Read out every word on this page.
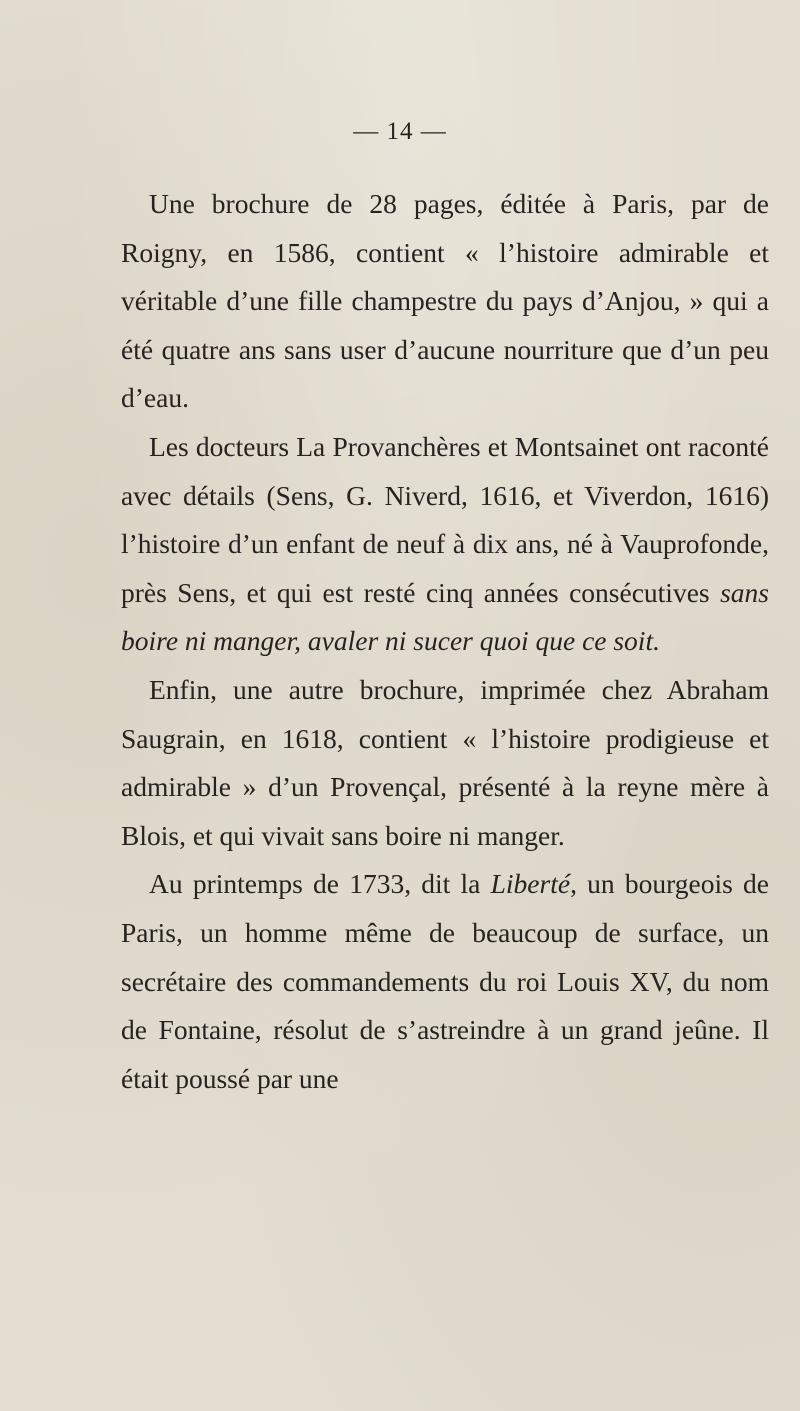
— 14 —

Une brochure de 28 pages, éditée à Paris, par de Roigny, en 1586, contient « l’histoire admirable et véritable d’une fille champestre du pays d’Anjou, » qui a été quatre ans sans user d’aucune nourriture que d’un peu d’eau.

Les docteurs La Provanchères et Montsainet ont raconté avec détails (Sens, G. Niverd, 1616, et Viverdon, 1616) l’histoire d’un enfant de neuf à dix ans, né à Vauprofonde, près Sens, et qui est resté cinq années consécutives sans boire ni manger, avaler ni sucer quoi que ce soit.

Enfin, une autre brochure, imprimée chez Abraham Saugrain, en 1618, contient « l’histoire prodigieuse et admirable » d’un Provençal, présenté à la reyne mère à Blois, et qui vivait sans boire ni manger.

Au printemps de 1733, dit la Liberté, un bourgeois de Paris, un homme même de beaucoup de surface, un secrétaire des commandements du roi Louis XV, du nom de Fontaine, résolut de s’astreindre à un grand jeûne. Il était poussé par une
